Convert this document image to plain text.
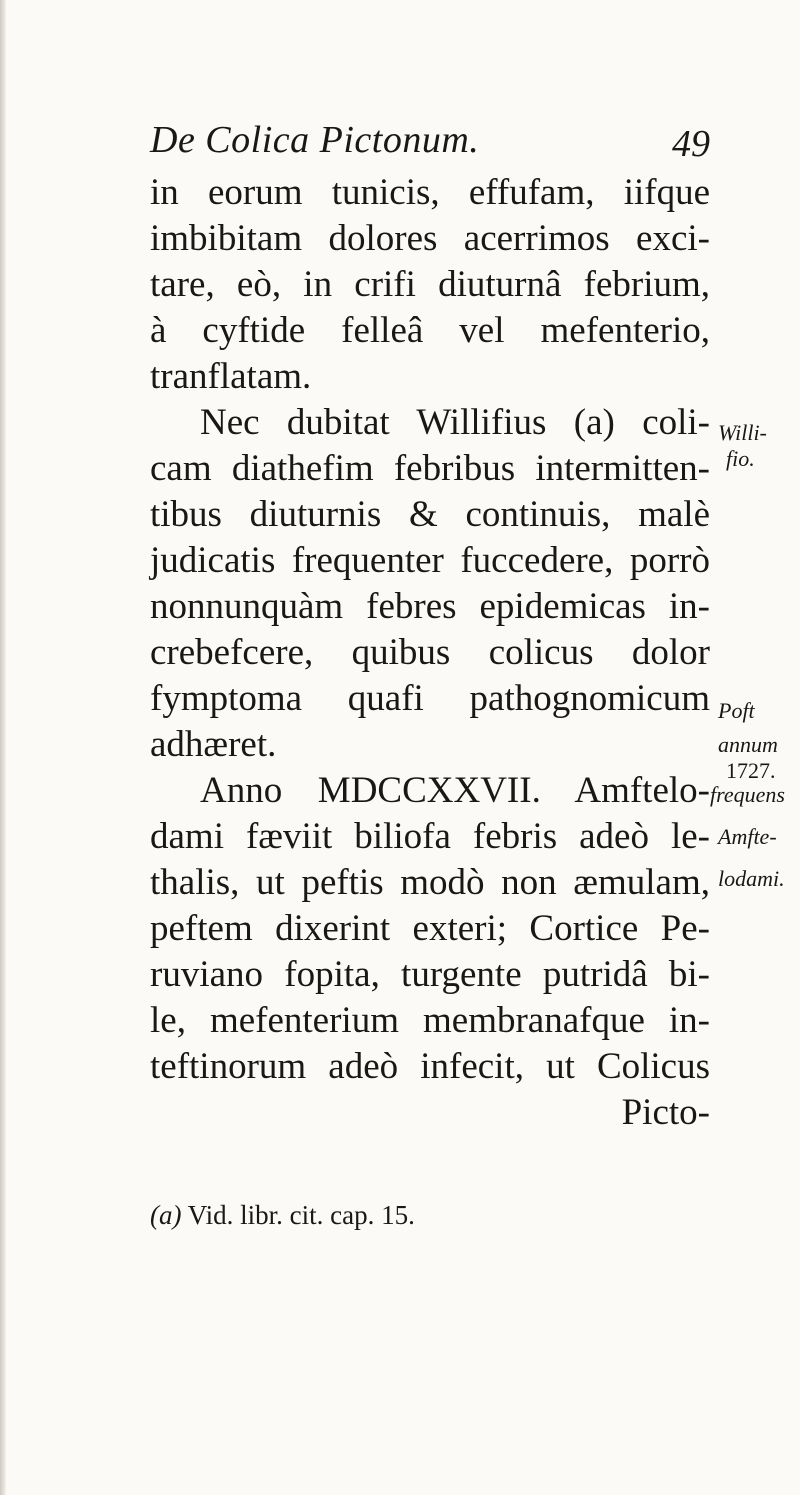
De Colica Pictonum.	49
in eorum tunicis, effufam, iifque
imbibitam dolores acerrimos exci-
tare, eò, in crifi diuturnâ febrium,
à cyftide felleâ vel mefenterio,
tranflatam.
Nec dubitat Willifius (a) coli-
cam diathefim febribus intermitten-
tibus diuturnis & continuis, malè
judicatis frequenter fuccedere, porrò
nonnunquàm febres epidemicas in-
crebefcere, quibus colicus dolor
fymptoma quafi pathognomicum
adhæret.
Anno MDCCXXVII. Amftelo-
dami fæviit biliofa febris adeò le-
thalis, ut peftis modò non æmulam,
peftem dixerint exteri; Cortice Pe-
ruviano fopita, turgente putridâ bi-
le, mefenterium membranafque in-
teftinorum adeò infecit, ut Colicus
Picto-
Willi-
fio.
Poft
annum
1727.
frequens
Amfte-
lodami.
(a) Vid. libr. cit. cap. 15.
